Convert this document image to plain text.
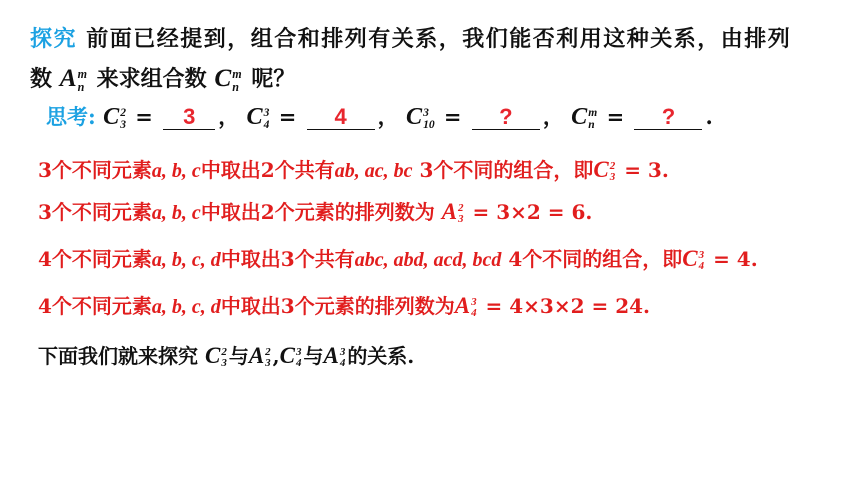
探究 前面已经提到，组合和排列有关系，我们能否利用这种关系，由排列
数 A m
n 来求组合数 C m
n 呢？
思考: C 2
3 = 3 ， C 3
4 = 4 ， C 3
10 = ? ， C m
n = ? .
3个不同元素a, b, c中取出2个共有ab, ac, bc 3个不同的组合，即C 2
3 = 3.
3个不同元素a, b, c中取出2个元素的排列数为 A 2
3 = 3×2 = 6.
4个不同元素a, b, c, d中取出3个共有abc, abd, acd, bcd 4个不同的组合，即C 3
4 = 4.
4个不同元素a, b, c, d中取出3个元素的排列数为A 3
4 = 4×3×2 = 24.
下面我们就来探究 C 2
3 与A 2
3 ,C 3
4 与A 3
4 的关系.
